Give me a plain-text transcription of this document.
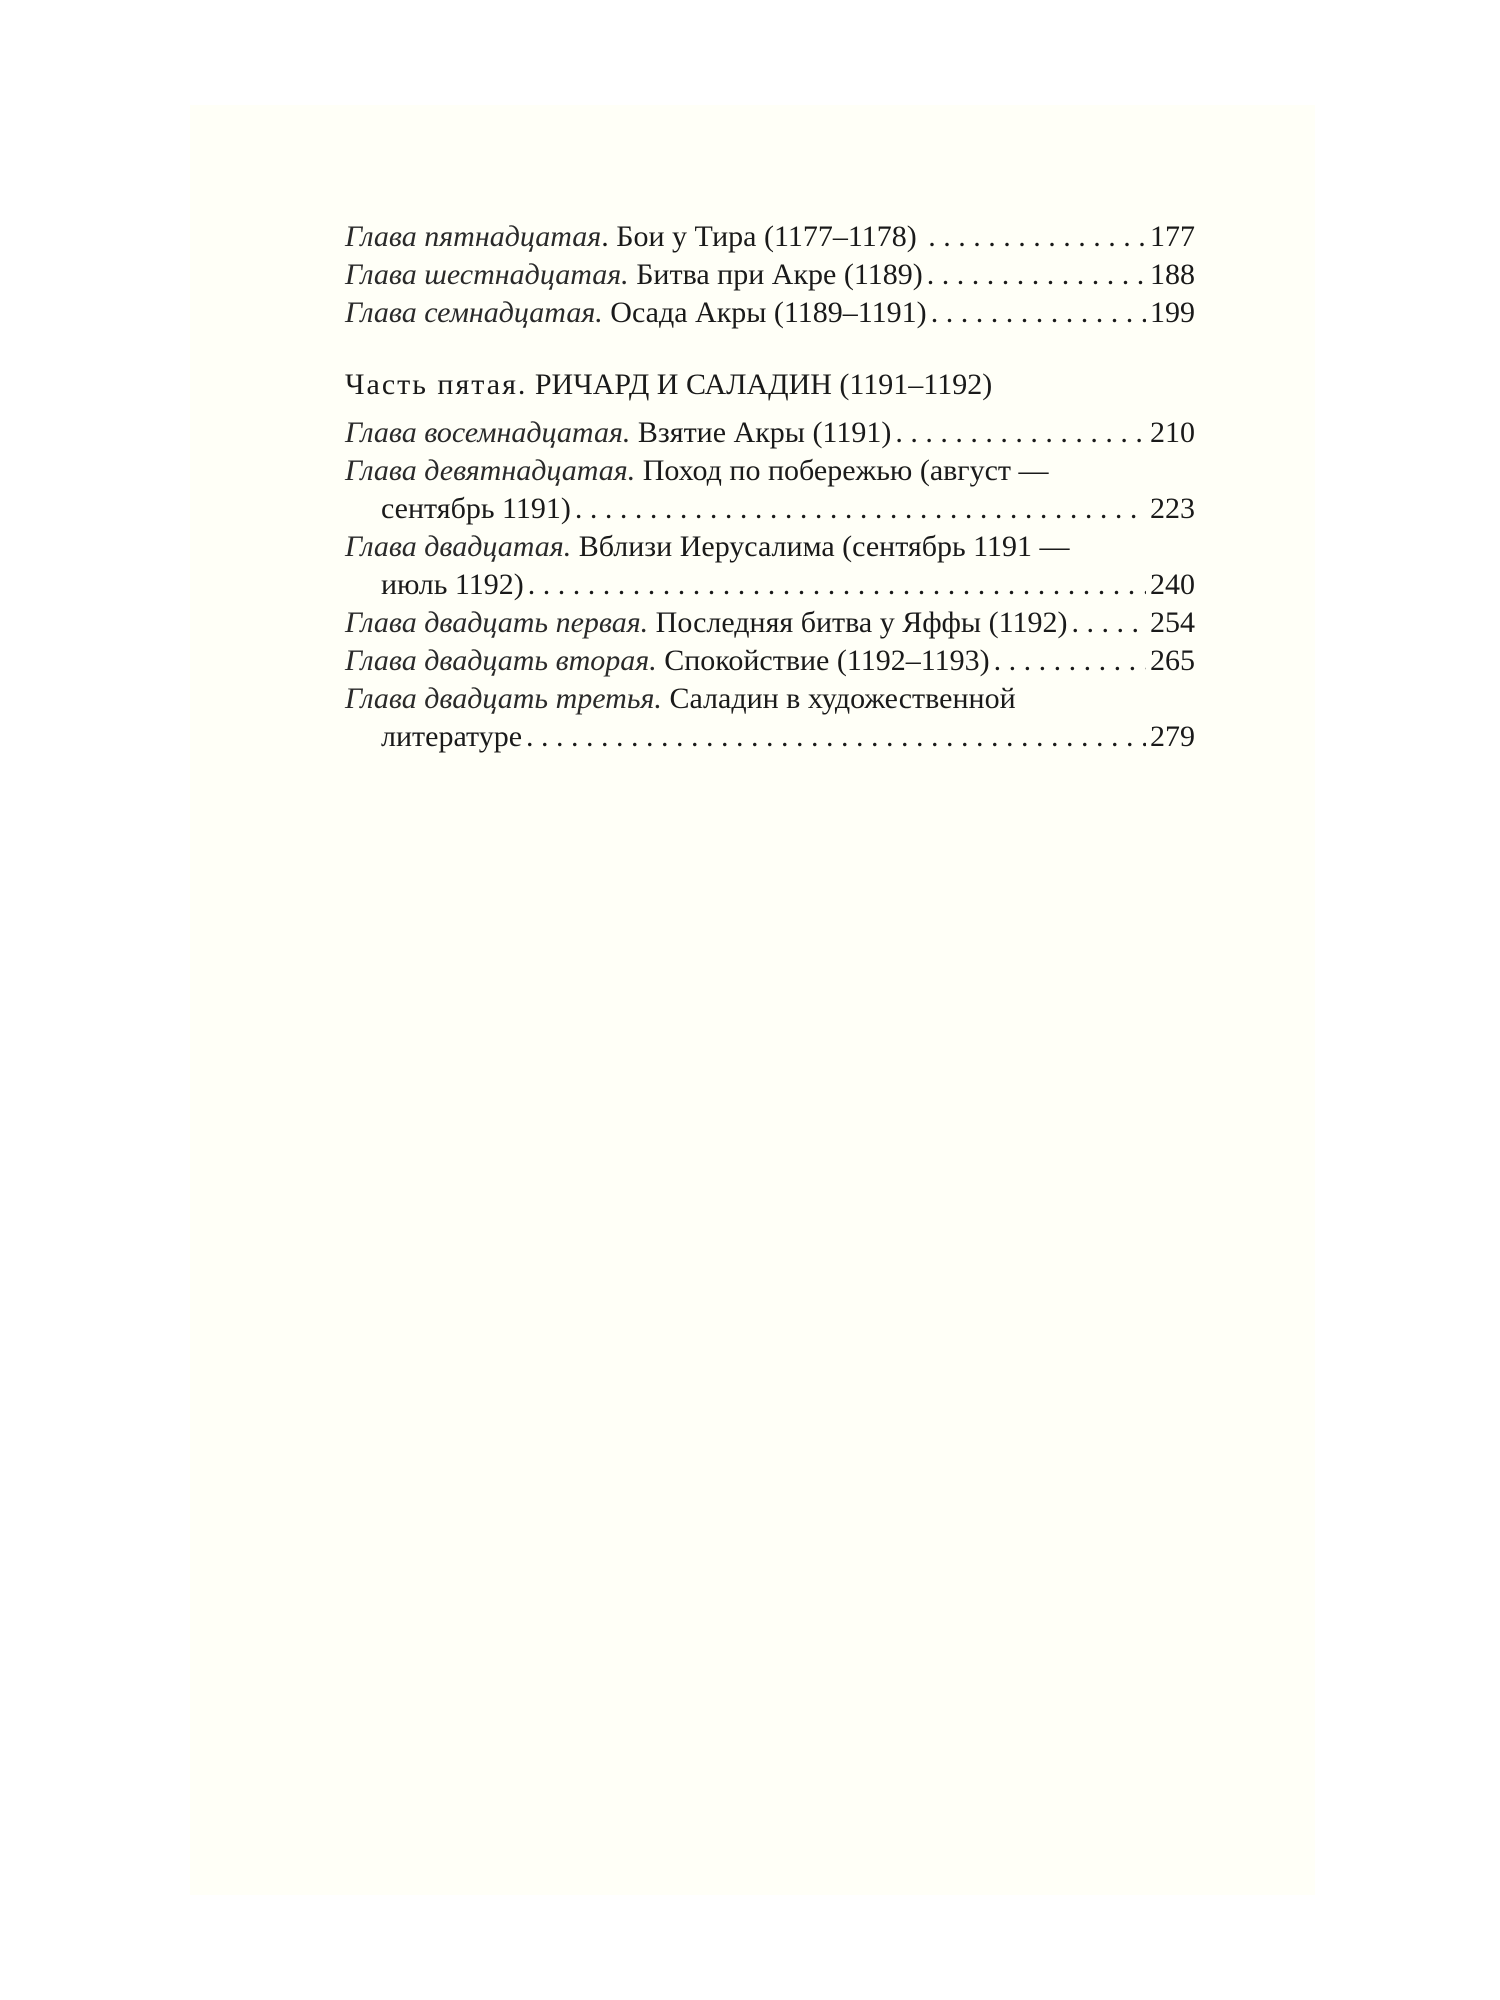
Глава пятнадцатая . Бои у Тира (1177–1178) . . .	177
Глава шестнадцатая. Битва при Акре (1189) . . .	188
Глава семнадцатая. Осада Акры (1189–1191) . . .	199
Часть пятая. РИЧАРД И САЛАДИН (1191–1192)
Глава восемнадцатая. Взятие Акры (1191) . . .	210
Глава девятнадцатая. Поход по побережью (август —
сентябрь 1191) . . .	223
Глава двадцатая. Вблизи Иерусалима (сентябрь 1191 —
июль 1192) . . .	240
Глава двадцать первая. Последняя битва у Яффы (1192) . . .	254
Глава двадцать вторая. Спокойствие (1192–1193) . . .	265
Глава двадцать третья. Саладин в художественной
литературе . . .	279
